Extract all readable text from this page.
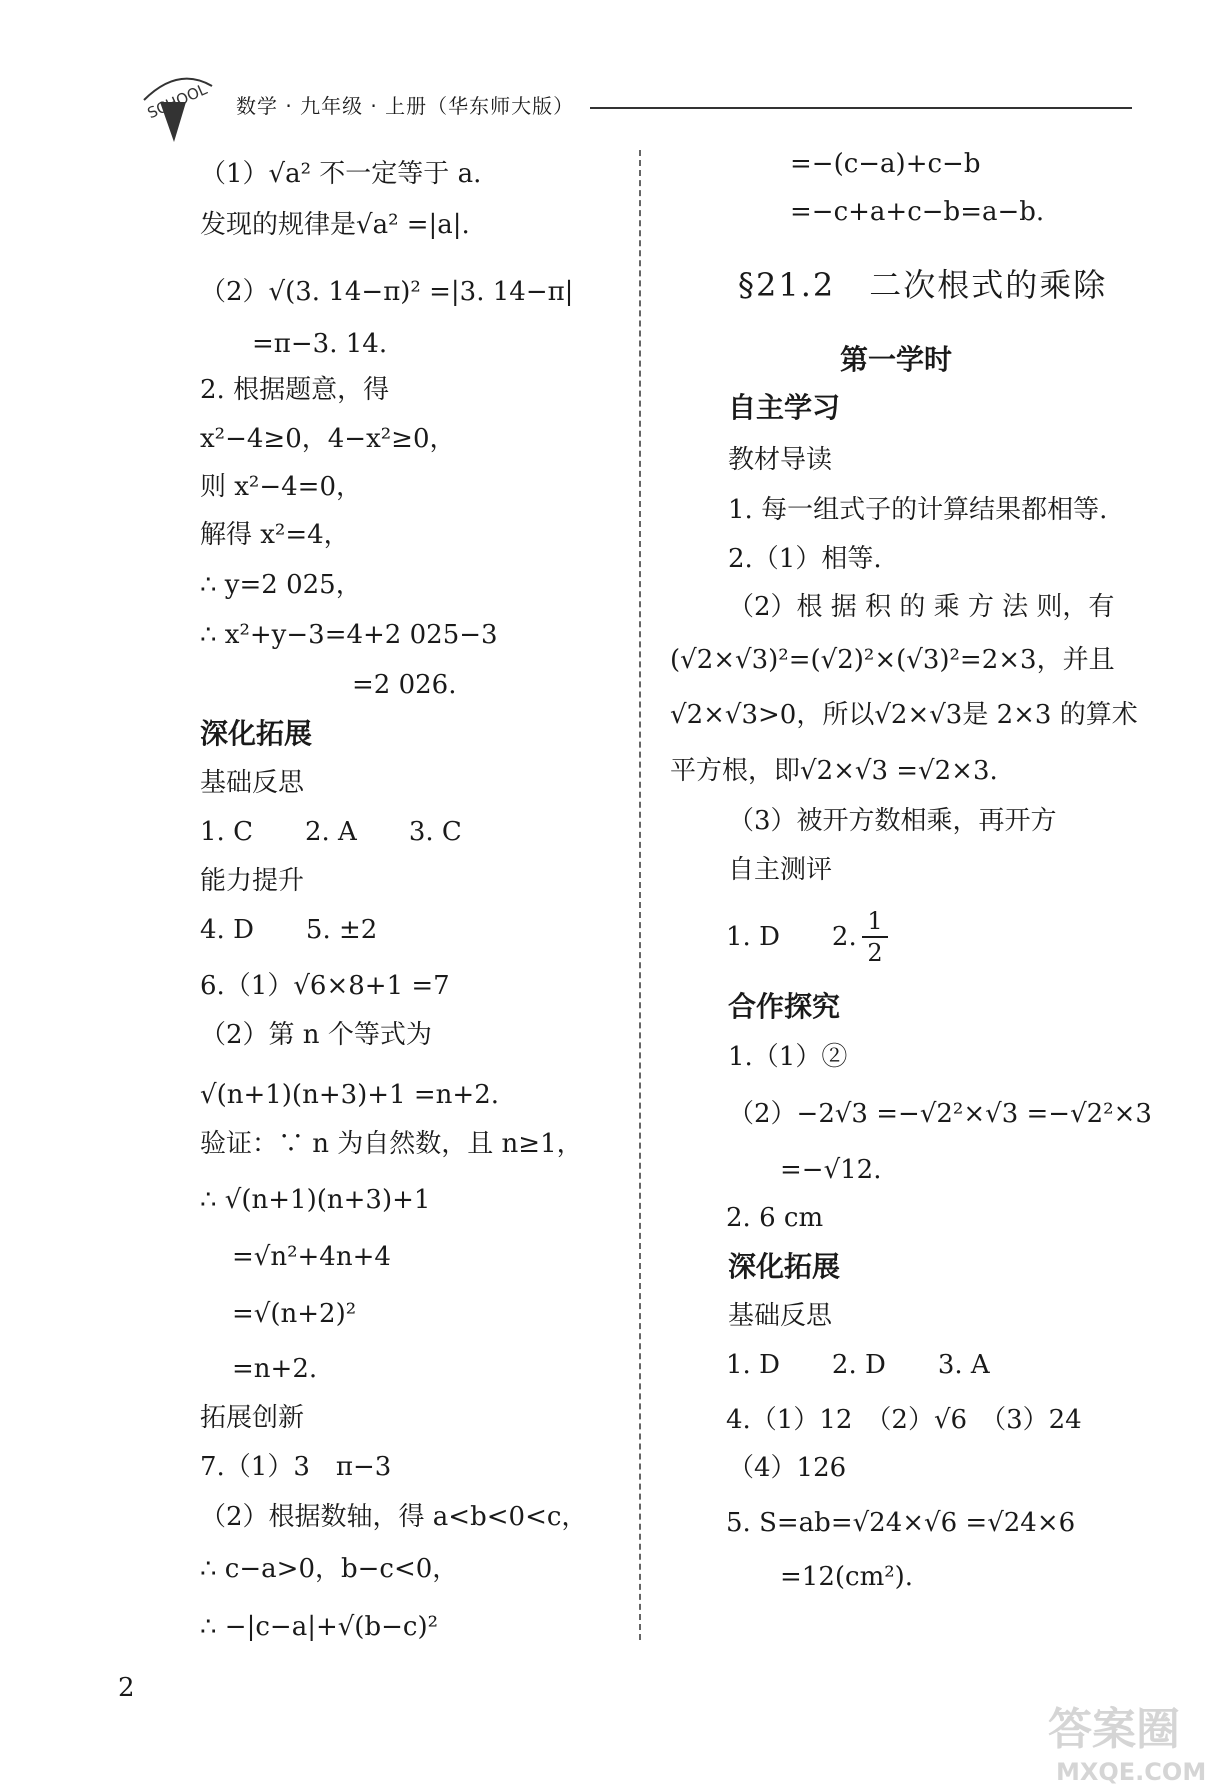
SCHOOL 数学 · 九年级 · 上册（华东师大版）
（1）√a² 不一定等于 a.
发现的规律是√a² =|a|.
（2）√(3. 14−π)² =|3. 14−π|
=π−3. 14.
2. 根据题意，得
x²−4≥0，4−x²≥0，
则 x²−4=0，
解得 x²=4，
∴ y=2 025，
∴ x²+y−3=4+2 025−3
=2 026.
深化拓展
基础反思
1. C　　2. A　　3. C
能力提升
4. D　　5. ±2
6.（1）√6×8+1 =7
（2）第 n 个等式为
√(n+1)(n+3)+1 =n+2.
验证：∵ n 为自然数，且 n≥1，
∴ √(n+1)(n+3)+1
=√n²+4n+4
=√(n+2)²
=n+2.
拓展创新
7.（1）3　π−3
（2）根据数轴，得 a<b<0<c，
∴ c−a>0，b−c<0，
∴ −|c−a|+√(b−c)²
=−(c−a)+c−b
=−c+a+c−b=a−b.
§21.2　二次根式的乘除
第一学时
自主学习
教材导读
1. 每一组式子的计算结果都相等.
2.（1）相等.
（2）根 据 积 的 乘 方 法 则，有
(√2×√3)²=(√2)²×(√3)²=2×3，并且
√2×√3>0，所以√2×√3是 2×3 的算术
平方根，即√2×√3 =√2×3.
（3）被开方数相乘，再开方
自主测评
1. D　　2.
1
2
合作探究
1.（1）②
（2）−2√3 =−√2²×√3 =−√2²×3
=−√12.
2. 6 cm
深化拓展
基础反思
1. D　　2. D　　3. A
4.（1）12　（2）√6　（3）24
（4）126
5. S=ab=√24×√6 =√24×6
=12(cm²).
2
答案圈
MXQE.COM
